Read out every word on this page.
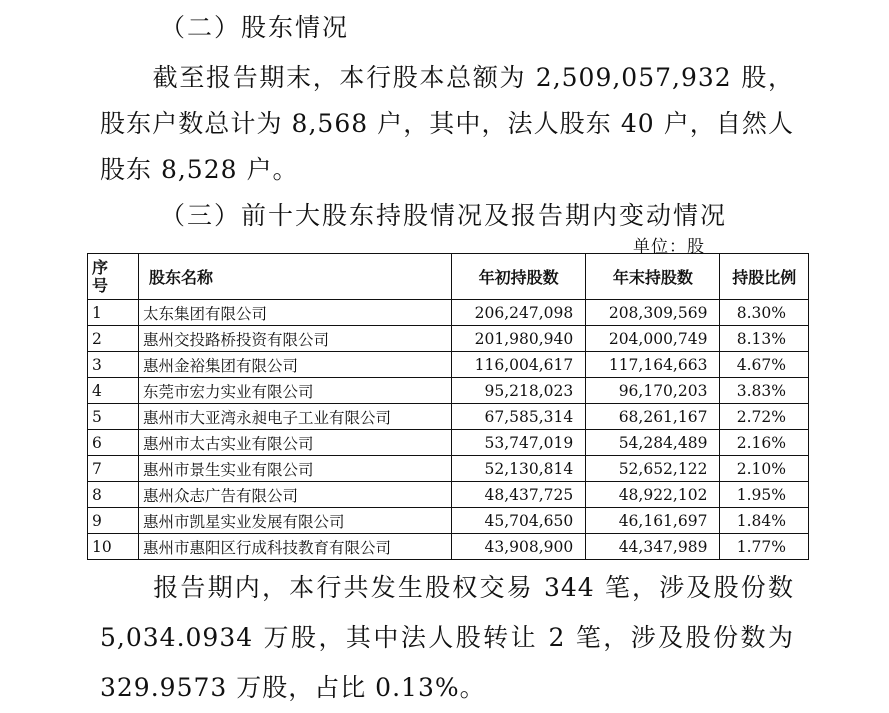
（二）股东情况
截至报告期末，本行股本总额为 2,509,057,932 股，股东户数总计为 8,568 户，其中，法人股东 40 户，自然人股东 8,528 户。
（三）前十大股东持股情况及报告期内变动情况
单位：股
序号	股东名称	年初持股数	年末持股数	持股比例
1	太东集团有限公司	206,247,098	208,309,569	8.30%
2	惠州交投路桥投资有限公司	201,980,940	204,000,749	8.13%
3	惠州金裕集团有限公司	116,004,617	117,164,663	4.67%
4	东莞市宏力实业有限公司	95,218,023	96,170,203	3.83%
5	惠州市大亚湾永昶电子工业有限公司	67,585,314	68,261,167	2.72%
6	惠州市太古实业有限公司	53,747,019	54,284,489	2.16%
7	惠州市景生实业有限公司	52,130,814	52,652,122	2.10%
8	惠州众志广告有限公司	48,437,725	48,922,102	1.95%
9	惠州市凯星实业发展有限公司	45,704,650	46,161,697	1.84%
10	惠州市惠阳区行成科技教育有限公司	43,908,900	44,347,989	1.77%
报告期内，本行共发生股权交易 344 笔，涉及股份数 5,034.0934 万股，其中法人股转让 2 笔，涉及股份数为 329.9573 万股，占比 0.13%。
